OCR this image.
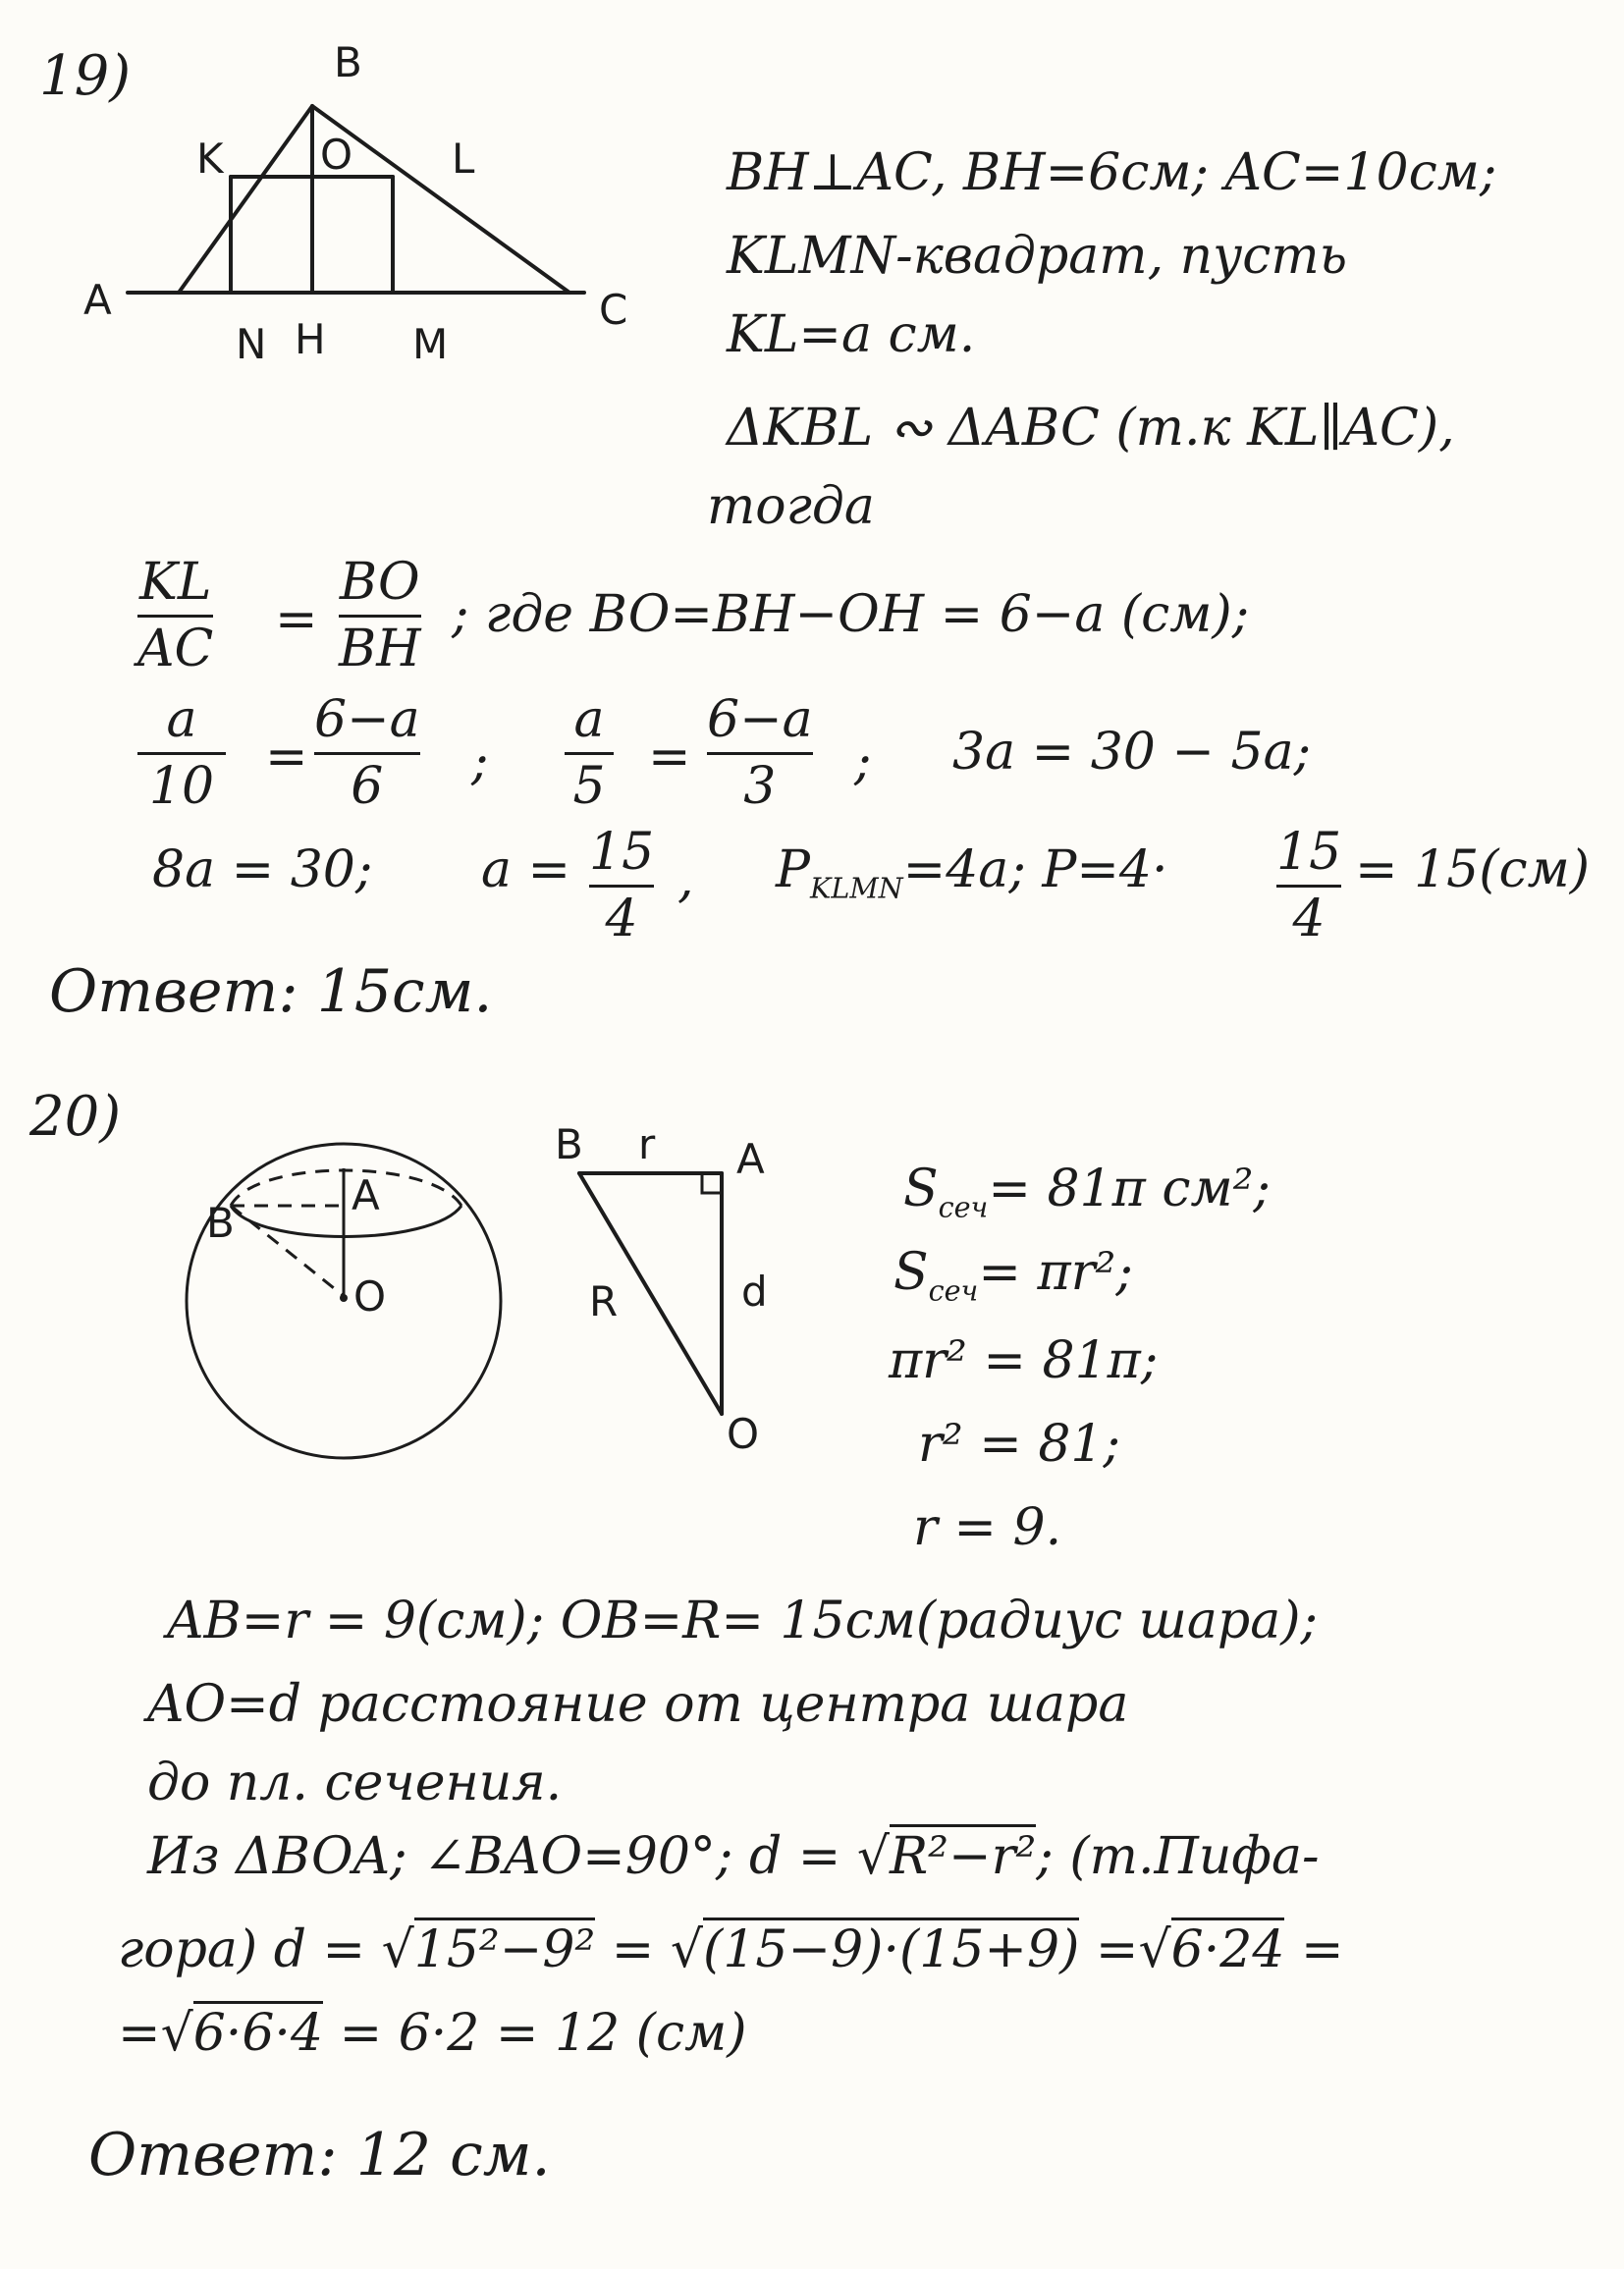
19)	B
K O L
A	C
N H M
BH⊥AC, BH=6см; AC=10см;
KLMN-квадрат, пусть
KL=a см.
ΔKBL ∾ ΔABC (т.к KL∥AC),
тогда
KL
AC
=
BO
BH
; где BO=BH−OH = 6−a (см);
a
10
=
6−a
6 ;
a
5
=
6−a
3 ; 3a = 30 − 5a;
8a = 30; a = 15
4
, $P_{KLMN}=4a$; P=4· 15
4
= 15(см)
Ответ: 15см.
20)
B
A
O
B r A
R	d
O
$S_{сеч}= 81\pi$ см²;
$S_{сеч}= \pi r^2$;
πr² = 81π;
r² = 81;
r = 9.
AB=r = 9(см); OB=R= 15см(радиус шара);
AO=d расстояние от центра шара
до пл. сечения.
Из ΔBOA; ∠BAO=90°; d = √R²−r²; (т.Пифа-
гора) d = √15²−9² = √(15−9)·(15+9) =√6·24 =
=√6·6·4 = 6·2 = 12 (см)
Ответ: 12 см.
